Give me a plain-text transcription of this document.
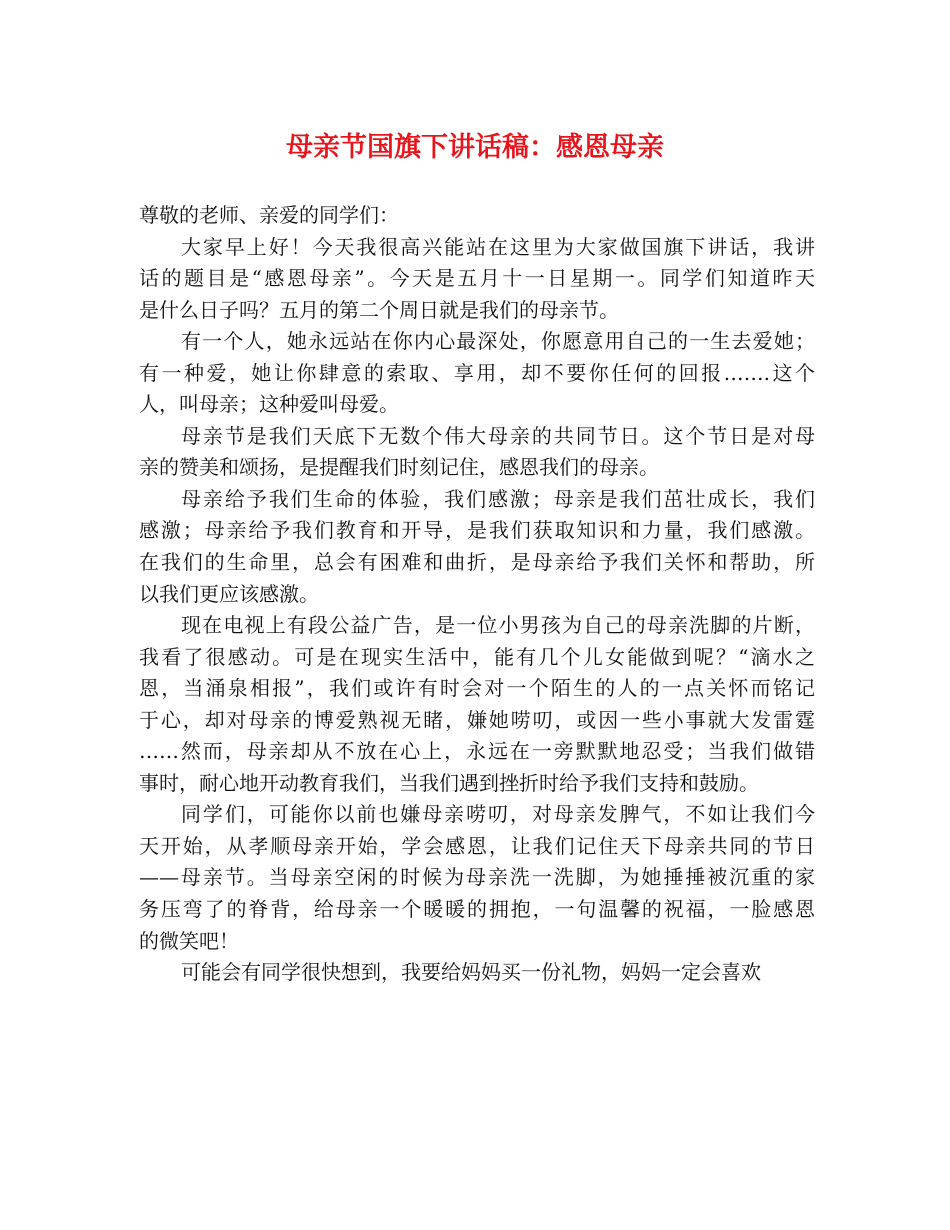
母亲节国旗下讲话稿：感恩母亲
尊敬的老师、亲爱的同学们：
大家早上好！今天我很高兴能站在这里为大家做国旗下讲话，我讲
话的题目是“感恩母亲”。今天是五月十一日星期一。同学们知道昨天
是什么日子吗？五月的第二个周日就是我们的母亲节。
有一个人，她永远站在你内心最深处，你愿意用自己的一生去爱她；
有一种爱，她让你肆意的索取、享用，却不要你任何的回报…….这个
人，叫母亲；这种爱叫母爱。
母亲节是我们天底下无数个伟大母亲的共同节日。这个节日是对母
亲的赞美和颂扬，是提醒我们时刻记住，感恩我们的母亲。
母亲给予我们生命的体验，我们感激；母亲是我们茁壮成长，我们
感激；母亲给予我们教育和开导，是我们获取知识和力量，我们感激。
在我们的生命里，总会有困难和曲折，是母亲给予我们关怀和帮助，所
以我们更应该感激。
现在电视上有段公益广告，是一位小男孩为自己的母亲洗脚的片断，
我看了很感动。可是在现实生活中，能有几个儿女能做到呢？“滴水之
恩，当涌泉相报”，我们或许有时会对一个陌生的人的一点关怀而铭记
于心，却对母亲的博爱熟视无睹，嫌她唠叨，或因一些小事就大发雷霆
……然而，母亲却从不放在心上，永远在一旁默默地忍受；当我们做错
事时，耐心地开动教育我们，当我们遇到挫折时给予我们支持和鼓励。
同学们，可能你以前也嫌母亲唠叨，对母亲发脾气，不如让我们今
天开始，从孝顺母亲开始，学会感恩，让我们记住天下母亲共同的节日
——母亲节。当母亲空闲的时候为母亲洗一洗脚，为她捶捶被沉重的家
务压弯了的脊背，给母亲一个暖暖的拥抱，一句温馨的祝福，一脸感恩
的微笑吧！
可能会有同学很快想到，我要给妈妈买一份礼物，妈妈一定会喜欢
